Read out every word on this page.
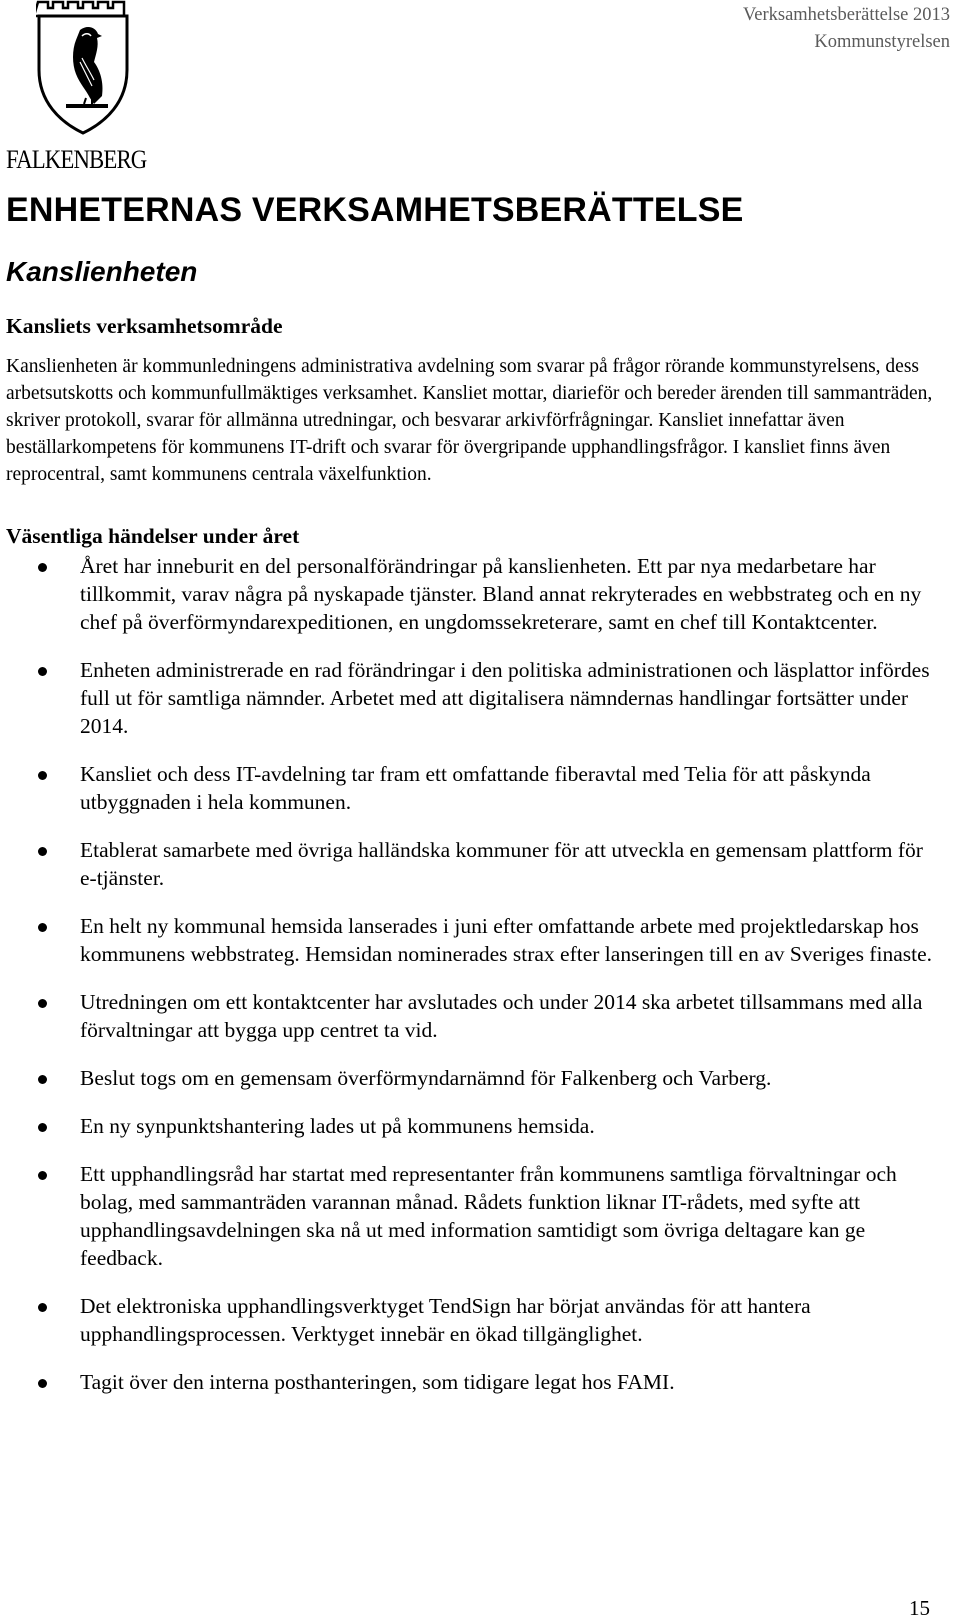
FALKENBERG
Verksamhetsberättelse 2013
Kommunstyrelsen
ENHETERNAS VERKSAMHETSBERÄTTELSE
Kanslienheten
Kansliets verksamhetsområde

Kanslienheten är kommunledningens administrativa avdelning som svarar på frågor rörande kommunstyrelsens, dess arbetsutskotts och kommunfullmäktiges verksamhet. Kansliet mottar, diarieför och bereder ärenden till sammanträden, skriver protokoll, svarar för allmänna utredningar, och besvarar arkivförfrågningar. Kansliet innefattar även beställarkompetens för kommunens IT-drift och svarar för övergripande upphandlingsfrågor. I kansliet finns även reprocentral, samt kommunens centrala växelfunktion.

Väsentliga händelser under året
Året har inneburit en del personalförändringar på kanslienheten. Ett par nya medarbetare har tillkommit, varav några på nyskapade tjänster. Bland annat rekryterades en webbstrateg och en ny chef på överförmyndarexpeditionen, en ungdomssekreterare, samt en chef till Kontaktcenter.
Enheten administrerade en rad förändringar i den politiska administrationen och läsplattor infördes full ut för samtliga nämnder. Arbetet med att digitalisera nämndernas handlingar fortsätter under 2014.
Kansliet och dess IT-avdelning tar fram ett omfattande fiberavtal med Telia för att påskynda utbyggnaden i hela kommunen.
Etablerat samarbete med övriga halländska kommuner för att utveckla en gemensam plattform för e-tjänster.
En helt ny kommunal hemsida lanserades i juni efter omfattande arbete med projektledarskap hos kommunens webbstrateg. Hemsidan nominerades strax efter lanseringen till en av Sveriges finaste.
Utredningen om ett kontaktcenter har avslutades och under 2014 ska arbetet tillsammans med alla förvaltningar att bygga upp centret ta vid.
Beslut togs om en gemensam överförmyndarnämnd för Falkenberg och Varberg.
En ny synpunktshantering lades ut på kommunens hemsida.
Ett upphandlingsråd har startat med representanter från kommunens samtliga förvaltningar och bolag, med sammanträden varannan månad. Rådets funktion liknar IT-rådets, med syfte att upphandlingsavdelningen ska nå ut med information samtidigt som övriga deltagare kan ge feedback.
Det elektroniska upphandlingsverktyget TendSign har börjat användas för att hantera upphandlingsprocessen. Verktyget innebär en ökad tillgänglighet.
Tagit över den interna posthanteringen, som tidigare legat hos FAMI.
15
